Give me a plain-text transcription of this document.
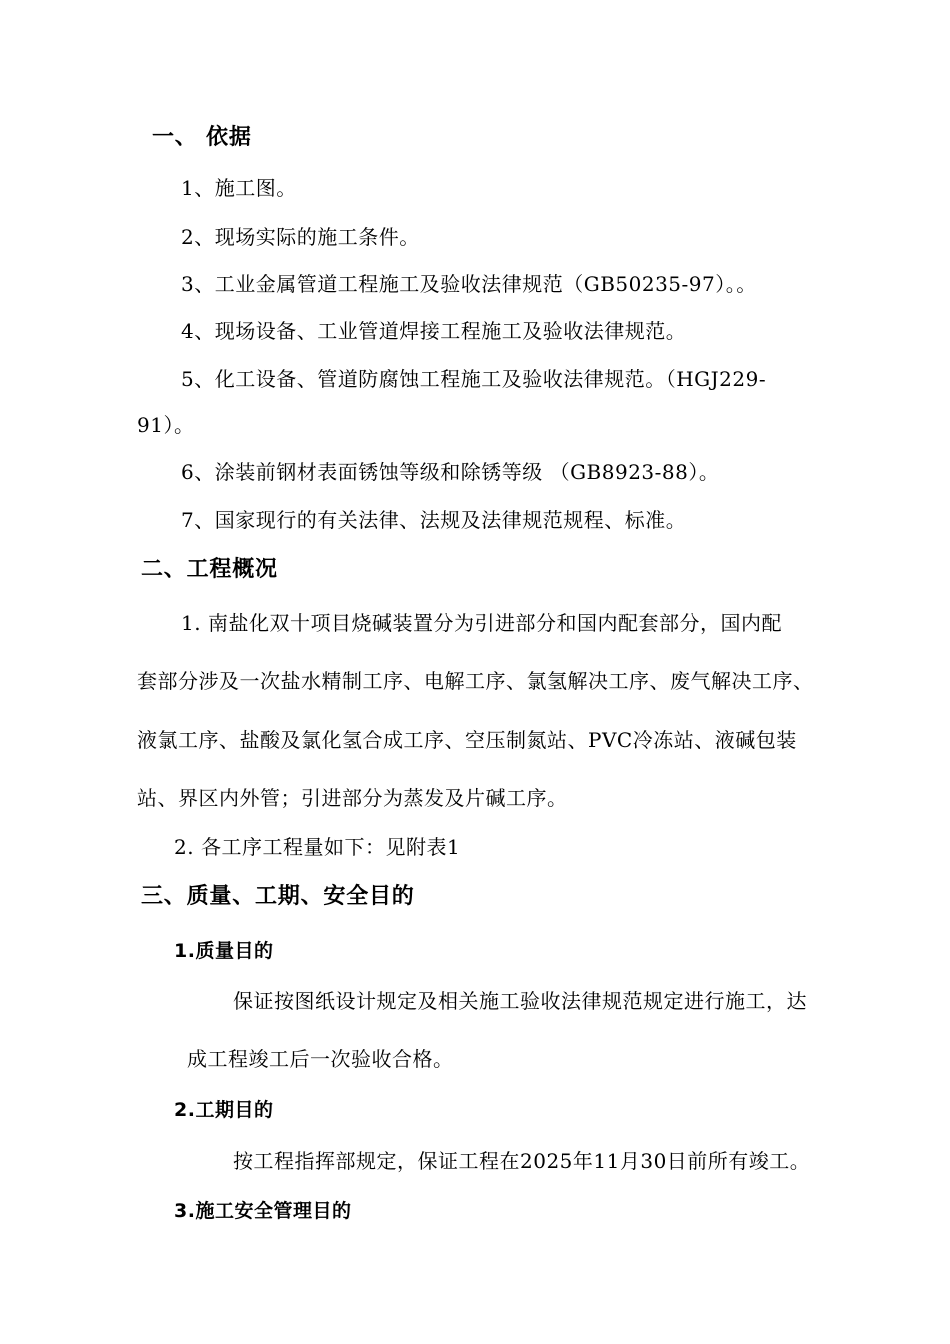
一、 依据
1、施工图。
2、现场实际的施工条件。
3、工业金属管道工程施工及验收法律规范（GB50235-97）。。
4、现场设备、工业管道焊接工程施工及验收法律规范。
5、化工设备、管道防腐蚀工程施工及验收法律规范。（HGJ229-
91）。
6、涂装前钢材表面锈蚀等级和除锈等级 （GB8923-88）。
7、国家现行的有关法律、法规及法律规范规程、标准。
二、工程概况
1. 南盐化双十项目烧碱装置分为引进部分和国内配套部分，国内配
套部分涉及一次盐水精制工序、电解工序、氯氢解决工序、废气解决工序、
液氯工序、盐酸及氯化氢合成工序、空压制氮站、PVC冷冻站、液碱包装
站、界区内外管；引进部分为蒸发及片碱工序。
2. 各工序工程量如下：见附表1
三、质量、工期、安全目的
1.质量目的
保证按图纸设计规定及相关施工验收法律规范规定进行施工，达
成工程竣工后一次验收合格。
2.工期目的
按工程指挥部规定，保证工程在2025年11月30日前所有竣工。
3.施工安全管理目的
